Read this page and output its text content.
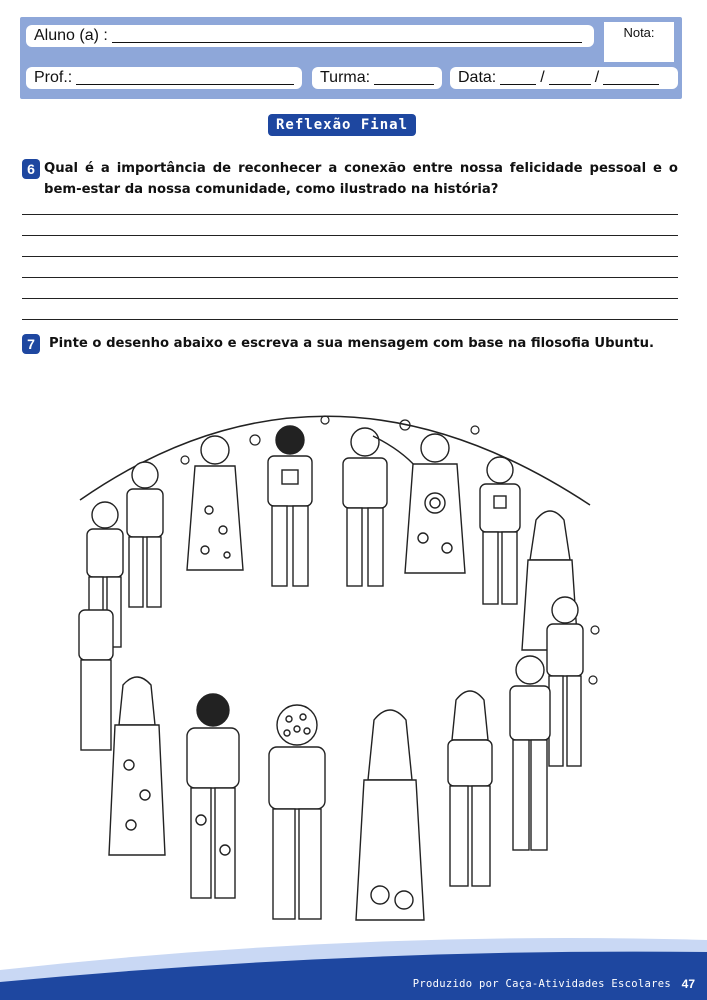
Aluno (a) :	Nota:
Prof.:	Turma:	Data:	/	/
Reflexão Final
6 Qual é a importância de reconhecer a conexão entre nossa felicidade pessoal e o bem-estar da nossa comunidade, como ilustrado na história?
7	Pinte o desenho abaixo e escreva a sua mensagem com base na filosofia Ubuntu.
Produzido por Caça-Atividades Escolares 47
